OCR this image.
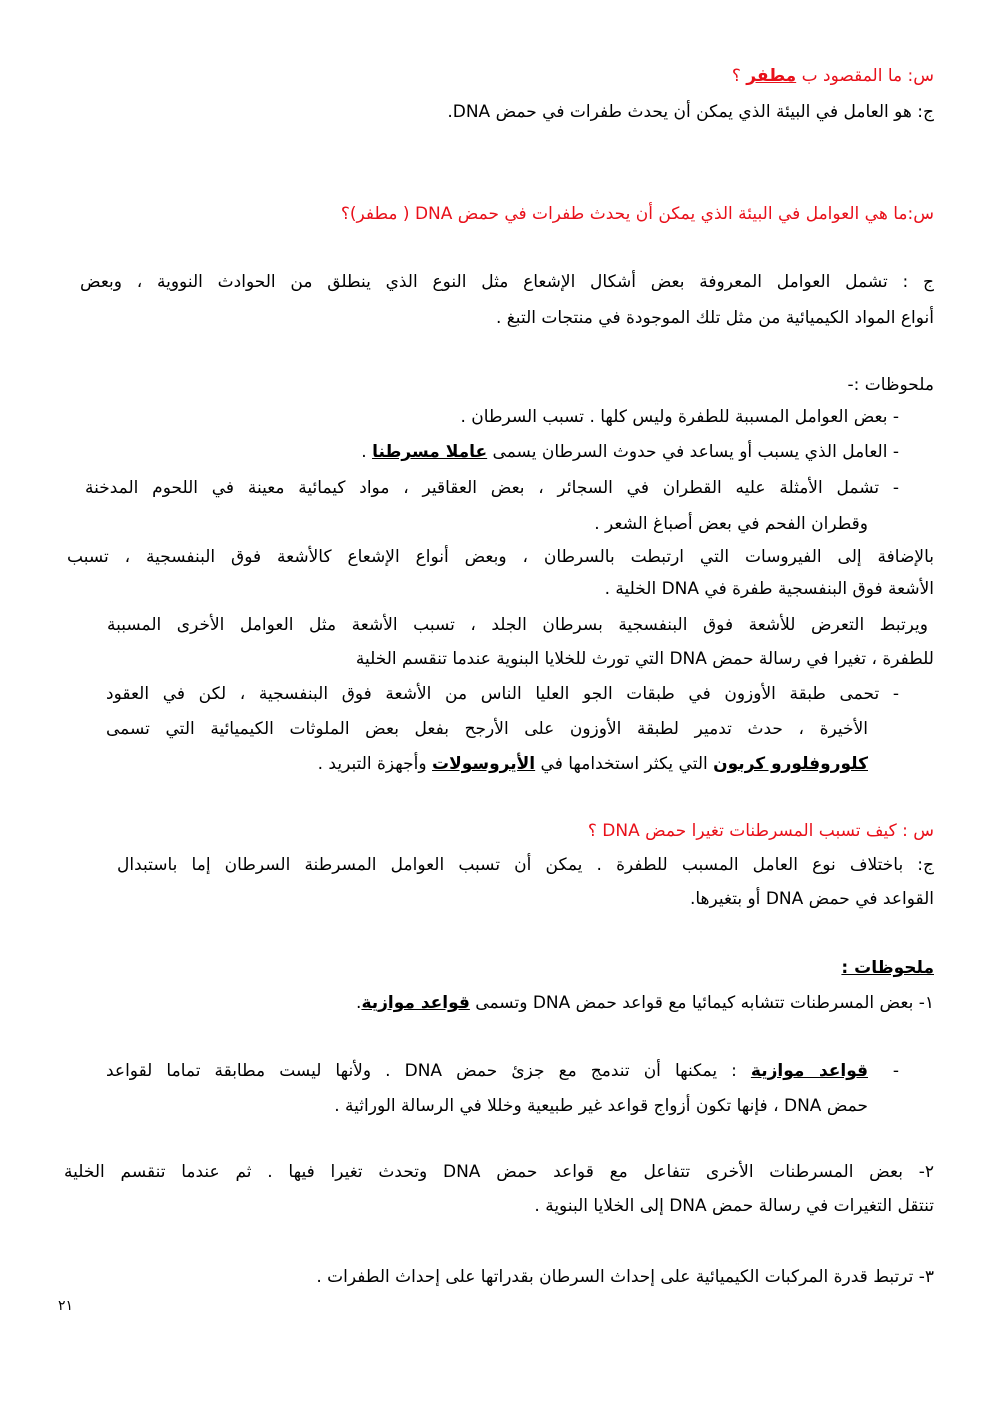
س: ما المقصود ب مطفر ؟
ج: هو العامل في البيئة الذي يمكن أن يحدث طفرات في حمض DNA.
س:ما هي العوامل في البيئة الذي يمكن أن يحدث طفرات في حمض DNA ( مطفر)؟
ج : تشمل العوامل المعروفة بعض أشكال الإشعاع مثل النوع الذي ينطلق من الحوادث النووية ، وبعض
أنواع المواد الكيميائية من مثل تلك الموجودة في منتجات التبغ .
ملحوظات :-
- بعض العوامل المسببة للطفرة وليس كلها . تسبب السرطان .
- العامل الذي يسبب أو يساعد في حدوث السرطان يسمى عاملا مسرطنا .
- تشمل الأمثلة عليه القطران في السجائر ، بعض العقاقير ، مواد كيمائية معينة في اللحوم المدخنة
وقطران الفحم في بعض أصباغ الشعر .
بالإضافة إلى الفيروسات التي ارتبطت بالسرطان ، وبعض أنواع الإشعاع كالأشعة فوق البنفسجية ، تسبب
الأشعة فوق البنفسجية طفرة في DNA الخلية .
ويرتبط التعرض للأشعة فوق البنفسجية بسرطان الجلد ، تسبب الأشعة مثل العوامل الأخرى المسببة
للطفرة ، تغيرا في رسالة حمض DNA التي تورث للخلايا البنوية عندما تنقسم الخلية
- تحمى طبقة الأوزون في طبقات الجو العليا الناس من الأشعة فوق البنفسجية ، لكن في العقود
الأخيرة ، حدث تدمير لطبقة الأوزون على الأرجح بفعل بعض الملوثات الكيميائية التي تسمى
كلوروفلورو كربون التي يكثر استخدامها في الأيروسولات وأجهزة التبريد .
س : كيف تسبب المسرطنات تغيرا حمض DNA ؟
ج: باختلاف نوع العامل المسبب للطفرة . يمكن أن تسبب العوامل المسرطنة السرطان إما باستبدال
القواعد في حمض DNA أو بتغيرها.
ملحوظات :
١- بعض المسرطنات تتشابه كيمائيا مع قواعد حمض DNA وتسمى قواعد موازية.
-
قواعد موازية : يمكنها أن تندمج مع جزئ حمض DNA . ولأنها ليست مطابقة تماما لقواعد
حمض DNA ، فإنها تكون أزواج قواعد غير طبيعية وخللا في الرسالة الوراثية .
٢- بعض المسرطنات الأخرى تتفاعل مع قواعد حمض DNA وتحدث تغيرا فيها . ثم عندما تنقسم الخلية
تنتقل التغيرات في رسالة حمض DNA إلى الخلايا البنوية .
٣- ترتبط قدرة المركبات الكيميائية على إحداث السرطان بقدراتها على إحداث الطفرات .
٢١
